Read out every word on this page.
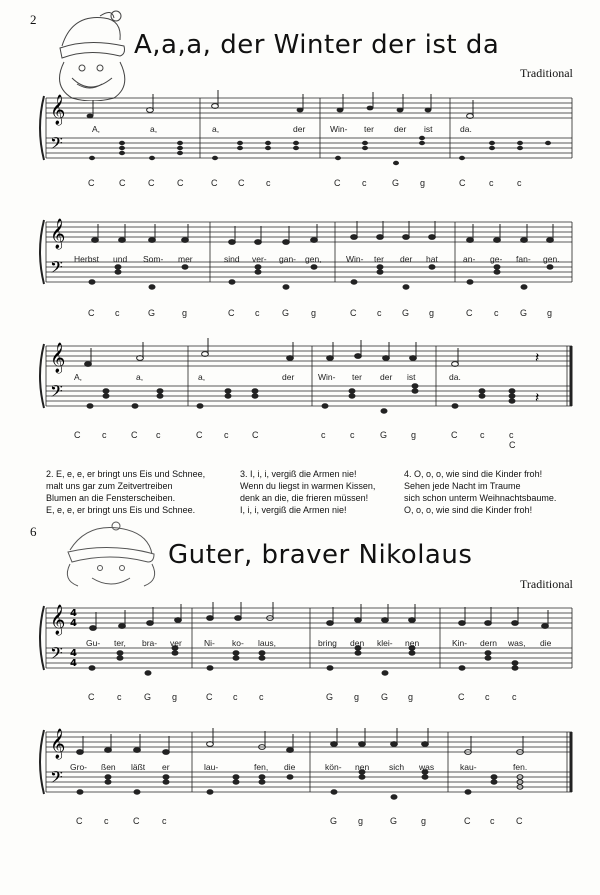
2
A,a,a, der Winter der ist da
Traditional
𝄞
𝄢
A,	a,	a,	der	Win- ter der ist	da.
C	C	C	C	C C c	C c	G g	C	c	c
𝄞
𝄢 Herbst und Som- mer	sind ver- gan- gen,	Win- ter der hat	an- ge- fan- gen.
C c	G	g	C c	G g	C c G g	C c G g
𝄞
𝄢
𝄽
𝄽
A,	a,	a,	der	Win- ter der ist	da.
C c	C c	C c	C	c	c	G	g	C	c	c
C
2. E, e, e, er bringt uns Eis und Schnee,
malt uns gar zum Zeitvertreiben
Blumen an die Fensterscheiben.
E, e, e, er bringt uns Eis und Schnee.
3. I, i, i, vergiß die Armen nie!
Wenn du liegst in warmen Kissen,
denk an die, die frieren müssen!
I, i, i, vergiß die Armen nie!
4. O, o, o, wie sind die Kinder froh!
Sehen jede Nacht im Traume
sich schon unterm Weihnachtsbaume.
O, o, o, wie sind die Kinder froh!
6
Guter, braver Nikolaus
Traditional
𝄞
𝄢
4
4
4
4
Gu- ter, bra- ver	Ni- ko- laus,	bring den klei- nen	Kin- dern was, die
C	c	G g	C c c	G g G g	C c	c
𝄞
𝄢 Gro- ßen läßt er	lau-	fen, die	kön- nen sich was	kau-	fen.
C c	C	c	G g	G	g	C c C
